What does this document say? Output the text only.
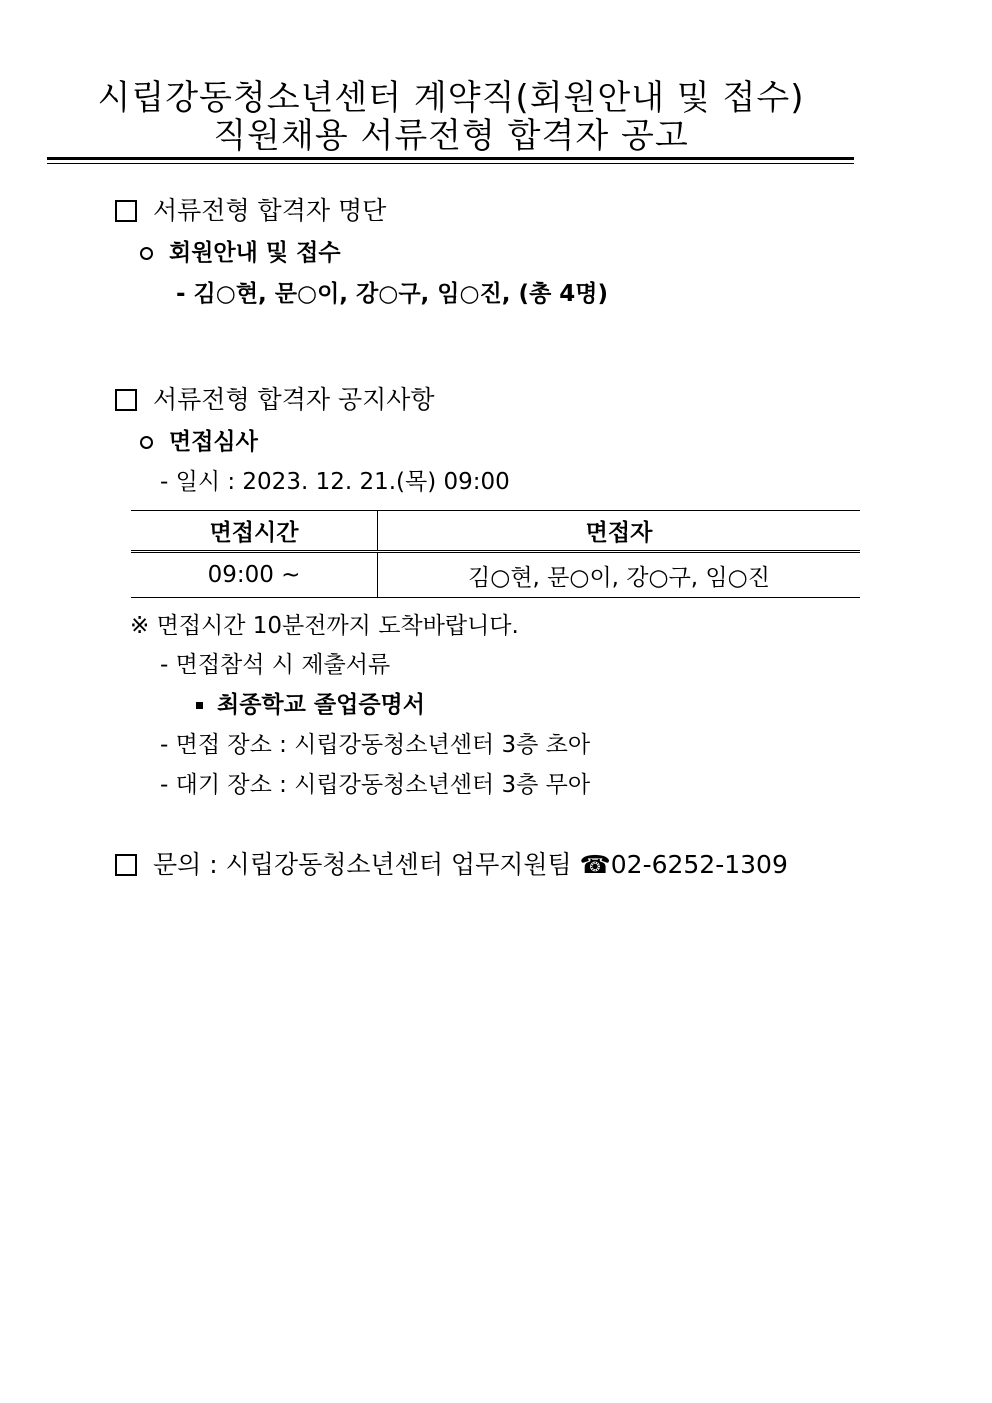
시립강동청소년센터 계약직(회원안내 및 접수)
직원채용 서류전형 합격자 공고
서류전형 합격자 명단
회원안내 및 접수
- 김○현, 문○이, 강○구, 임○진, (총 4명)
서류전형 합격자 공지사항
면접심사
- 일시 : 2023. 12. 21.(목) 09:00
면접시간	면접자
09:00 ~	김○현, 문○이, 강○구, 임○진
※ 면접시간 10분전까지 도착바랍니다.
- 면접참석 시 제출서류
최종학교 졸업증명서
- 면접 장소 : 시립강동청소년센터 3층 초아
- 대기 장소 : 시립강동청소년센터 3층 무아
문의 : 시립강동청소년센터 업무지원팀 ☎02-6252-1309
